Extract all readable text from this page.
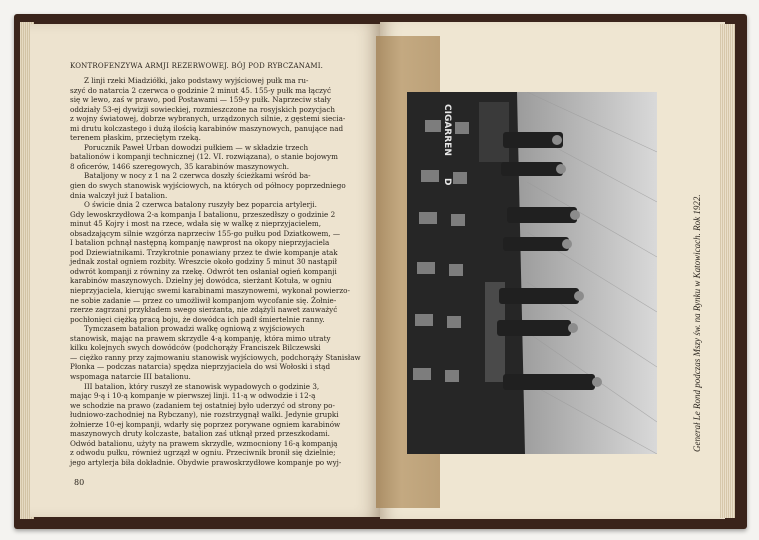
KONTROFENZYWA ARMJI REZERWOWEJ. BÓJ POD RYBCZANAMI.
Z linji rzeki Miadziółki, jako podstawy wyjściowej pułk ma ru-
szyć do natarcia 2 czerwca o godzinie 2 minut 45. 155-y pułk ma łączyć
się w lewo, zaś w prawo, pod Postawami — 159-y pułk. Naprzeciw stały
oddziały 53-ej dywizji sowieckiej, rozmieszczone na rosyjskich pozycjach
z wojny światowej, dobrze wybranych, urządzonych silnie, z gęstemi siecia-
mi drutu kolczastego i dużą ilością karabinów maszynowych, panujące nad
terenem płaskim, przeciętym rzeką.
Porucznik Paweł Urban dowodzi pułkiem — w składzie trzech
batalionów i kompanji technicznej (12. VI. rozwiązana), o stanie bojowym
8 oficerów, 1466 szeregowych, 35 karabinów maszynowych.
Bataljony w nocy z 1 na 2 czerwca doszły ścieżkami wśród ba-
gien do swych stanowisk wyjściowych, na których od północy poprzedniego
dnia walczył już I batalion.
O świcie dnia 2 czerwca batalony ruszyły bez poparcia artylerji.
Gdy lewoskrzydłowa 2-a kompanja I batalionu, przeszedłszy o godzinie 2
minut 45 Kojry i most na rzece, wdała się w walkę z nieprzyjacielem,
obsadzającym silnie wzgórza naprzeciw 155-go pułku pod Dziatkowem, —
I batalion pchnął następną kompanję nawprost na okopy nieprzyjaciela
pod Dziewiatnikami. Trzykrotnie ponawiany przez te dwie kompanje atak
jednak został ogniem rozbity. Wreszcie około godziny 5 minut 30 nastąpił
odwrót kompanji z równiny za rzekę. Odwrót ten osłaniał ogień kompanji
karabinów maszynowych. Dzielny jej dowódca, sierżant Kotuła, w ogniu
nieprzyjaciela, kierując swemi karabinami maszynowemi, wykonał powierzo-
ne sobie zadanie — przez co umożliwił kompanjom wycofanie się. Żołnie-
rzerze zagrzani przykładem swego sierżanta, nie zdążyli nawet zauważyć
pochłonięci ciężką pracą boju, że dowódca ich padł śmiertelnie ranny.
Tymczasem batalion prowadzi walkę ogniową z wyjściowych
stanowisk, mając na prawem skrzydle 4-ą kompanję, która mimo utraty
kilku kolejnych swych dowódców (podchorąży Franciszek Bilczewski
— ciężko ranny przy zajmowaniu stanowisk wyjściowych, podchorąży Stanisław
Płonka — podczas natarcia) spędza nieprzyjaciela do wsi Wołoski i stąd
wspomaga natarcie III batalionu.
III batalion, który ruszył ze stanowisk wypadowych o godzinie 3,
mając 9-ą i 10-ą kompanje w pierwszej linji. 11-ą w odwodzie i 12-ą
we schodzie na prawo (zadaniem tej ostatniej było uderzyć od strony po-
łudniowo-zachodniej na Rybczany), nie rozstrzygnął walki. Jedynie grupki
żołnierze 10-ej kompanji, wdarły się poprzez porywane ogniem karabinów
maszynowych druty kolczaste, batalion zaś utknął przed przeszkodami.
Odwód batalionu, użyty na prawem skrzydle, wzmocniony 16-ą kompanją
z odwodu pułku, również ugrzązł w ogniu. Przeciwnik bronił się dzielnie;
jego artylerja biła dokładnie. Obydwie prawoskrzydłowe kompanje po wyj-
80
CIGARREN
D
Generał Le Rond podczas Mszy św. na Rynku w Katowicach. Rok 1922.
